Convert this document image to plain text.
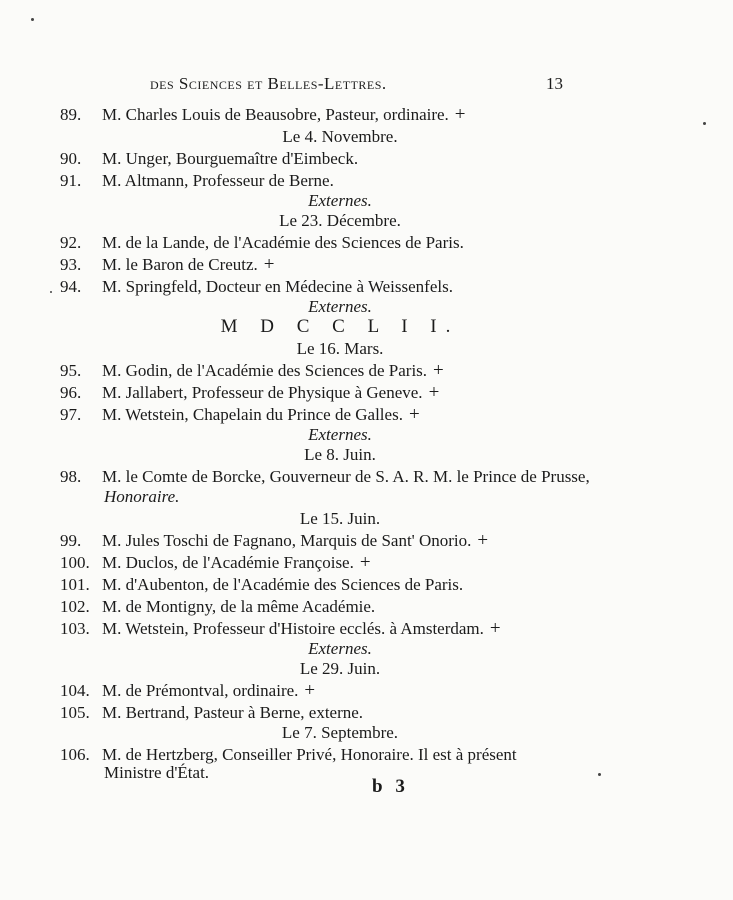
des Sciences et Belles-Lettres.	13
89. M. Charles Louis de Beausobre, Pasteur, ordinaire. +
Le 4. Novembre.
90. M. Unger, Bourguemaître d'Eimbeck.
91. M. Altmann, Professeur de Berne.
Externes.
Le 23. Décembre.
92. M. de la Lande, de l'Académie des Sciences de Paris.
93. M. le Baron de Creutz. +
94. M. Springfeld, Docteur en Médecine à Weissenfels.
Externes.
M D C C L I I.
Le 16. Mars.
95. M. Godin, de l'Académie des Sciences de Paris. +
96. M. Jallabert, Professeur de Physique à Geneve. +
97. M. Wetstein, Chapelain du Prince de Galles. +
Externes.
Le 8. Juin.
98. M. le Comte de Borcke, Gouverneur de S. A. R. M. le Prince de Prusse,
Honoraire.
Le 15. Juin.
99. M. Jules Toschi de Fagnano, Marquis de Sant' Onorio. +
100. M. Duclos, de l'Académie Françoise. +
101. M. d'Aubenton, de l'Académie des Sciences de Paris.
102. M. de Montigny, de la même Académie.
103. M. Wetstein, Professeur d'Histoire ecclés. à Amsterdam. +
Externes.
Le 29. Juin.
104. M. de Prémontval, ordinaire. +
105. M. Bertrand, Pasteur à Berne, externe.
Le 7. Septembre.
106. M. de Hertzberg, Conseiller Privé, Honoraire. Il est à présent
Ministre d'État.
b 3
